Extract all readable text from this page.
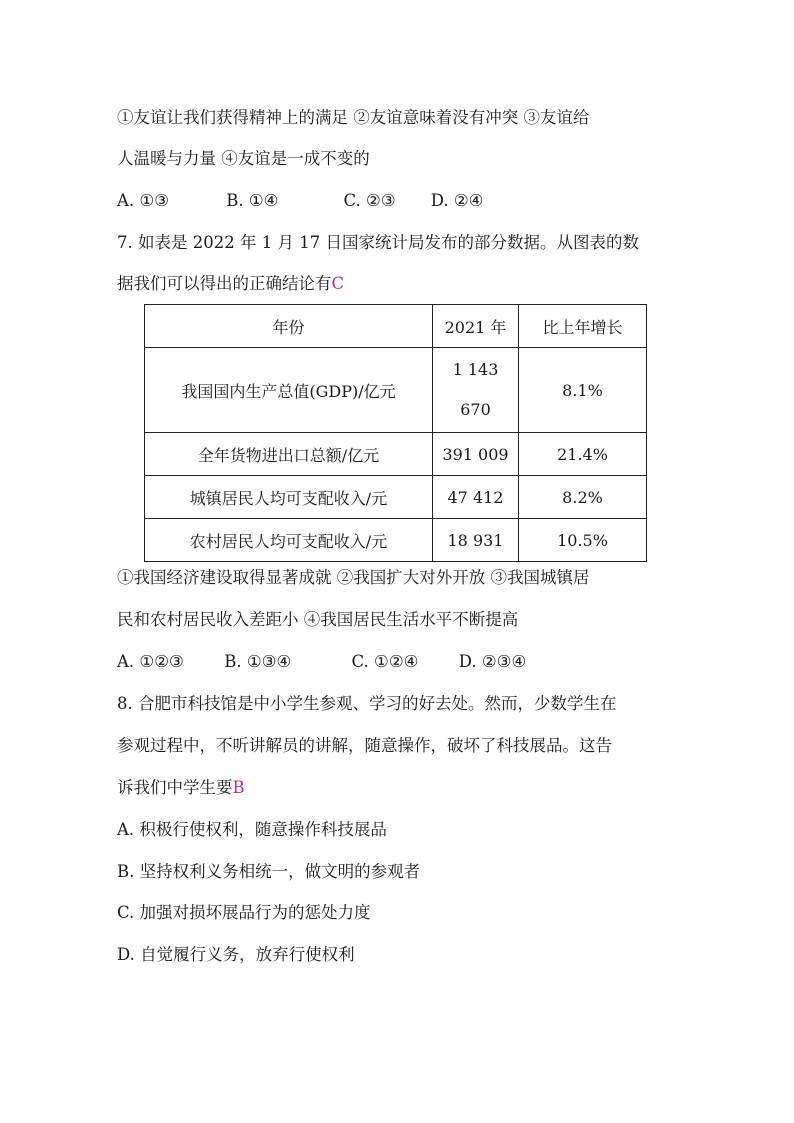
①友谊让我们获得精神上的满足 ②友谊意味着没有冲突 ③友谊给

人温暖与力量 ④友谊是一成不变的

A. ①③	B. ①④	C. ②③ D. ②④

7. 如表是 2022 年 1 月 17 日国家统计局发布的部分数据。从图表的数

据我们可以得出的正确结论有C

年份	2021 年	比上年增长
我国国内生产总值(GDP)/亿元	1 143 670	8.1%
全年货物进出口总额/亿元	391 009	21.4%
城镇居民人均可支配收入/元	47 412	8.2%
农村居民人均可支配收入/元	18 931	10.5%

①我国经济建设取得显著成就 ②我国扩大对外开放 ③我国城镇居

民和农村居民收入差距小 ④我国居民生活水平不断提高

A. ①②③ B. ①③④	C. ①②④ D. ②③④

8. 合肥市科技馆是中小学生参观、学习的好去处。然而，少数学生在

参观过程中，不听讲解员的讲解，随意操作，破坏了科技展品。这告

诉我们中学生要B

A. 积极行使权利，随意操作科技展品

B. 坚持权利义务相统一，做文明的参观者

C. 加强对损坏展品行为的惩处力度

D. 自觉履行义务，放弃行使权利
